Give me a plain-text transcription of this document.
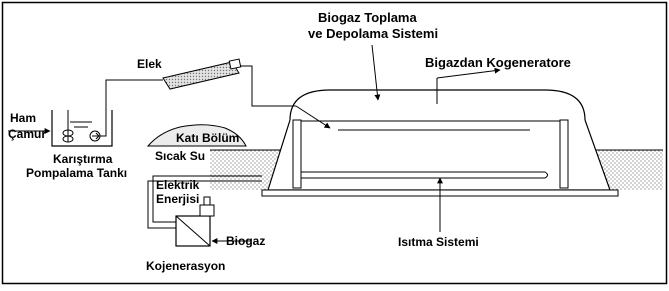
Biogaz Toplama
ve Depolama Sistemi
Bigazdan Kogeneratore
Elek
Ham
Çamur	Katı Bölüm
Karıştırma
Pompalama Tankı
Sıcak Su
Elektrik
Enerjisi
Biogaz	Isıtma Sistemi
Kojenerasyon
